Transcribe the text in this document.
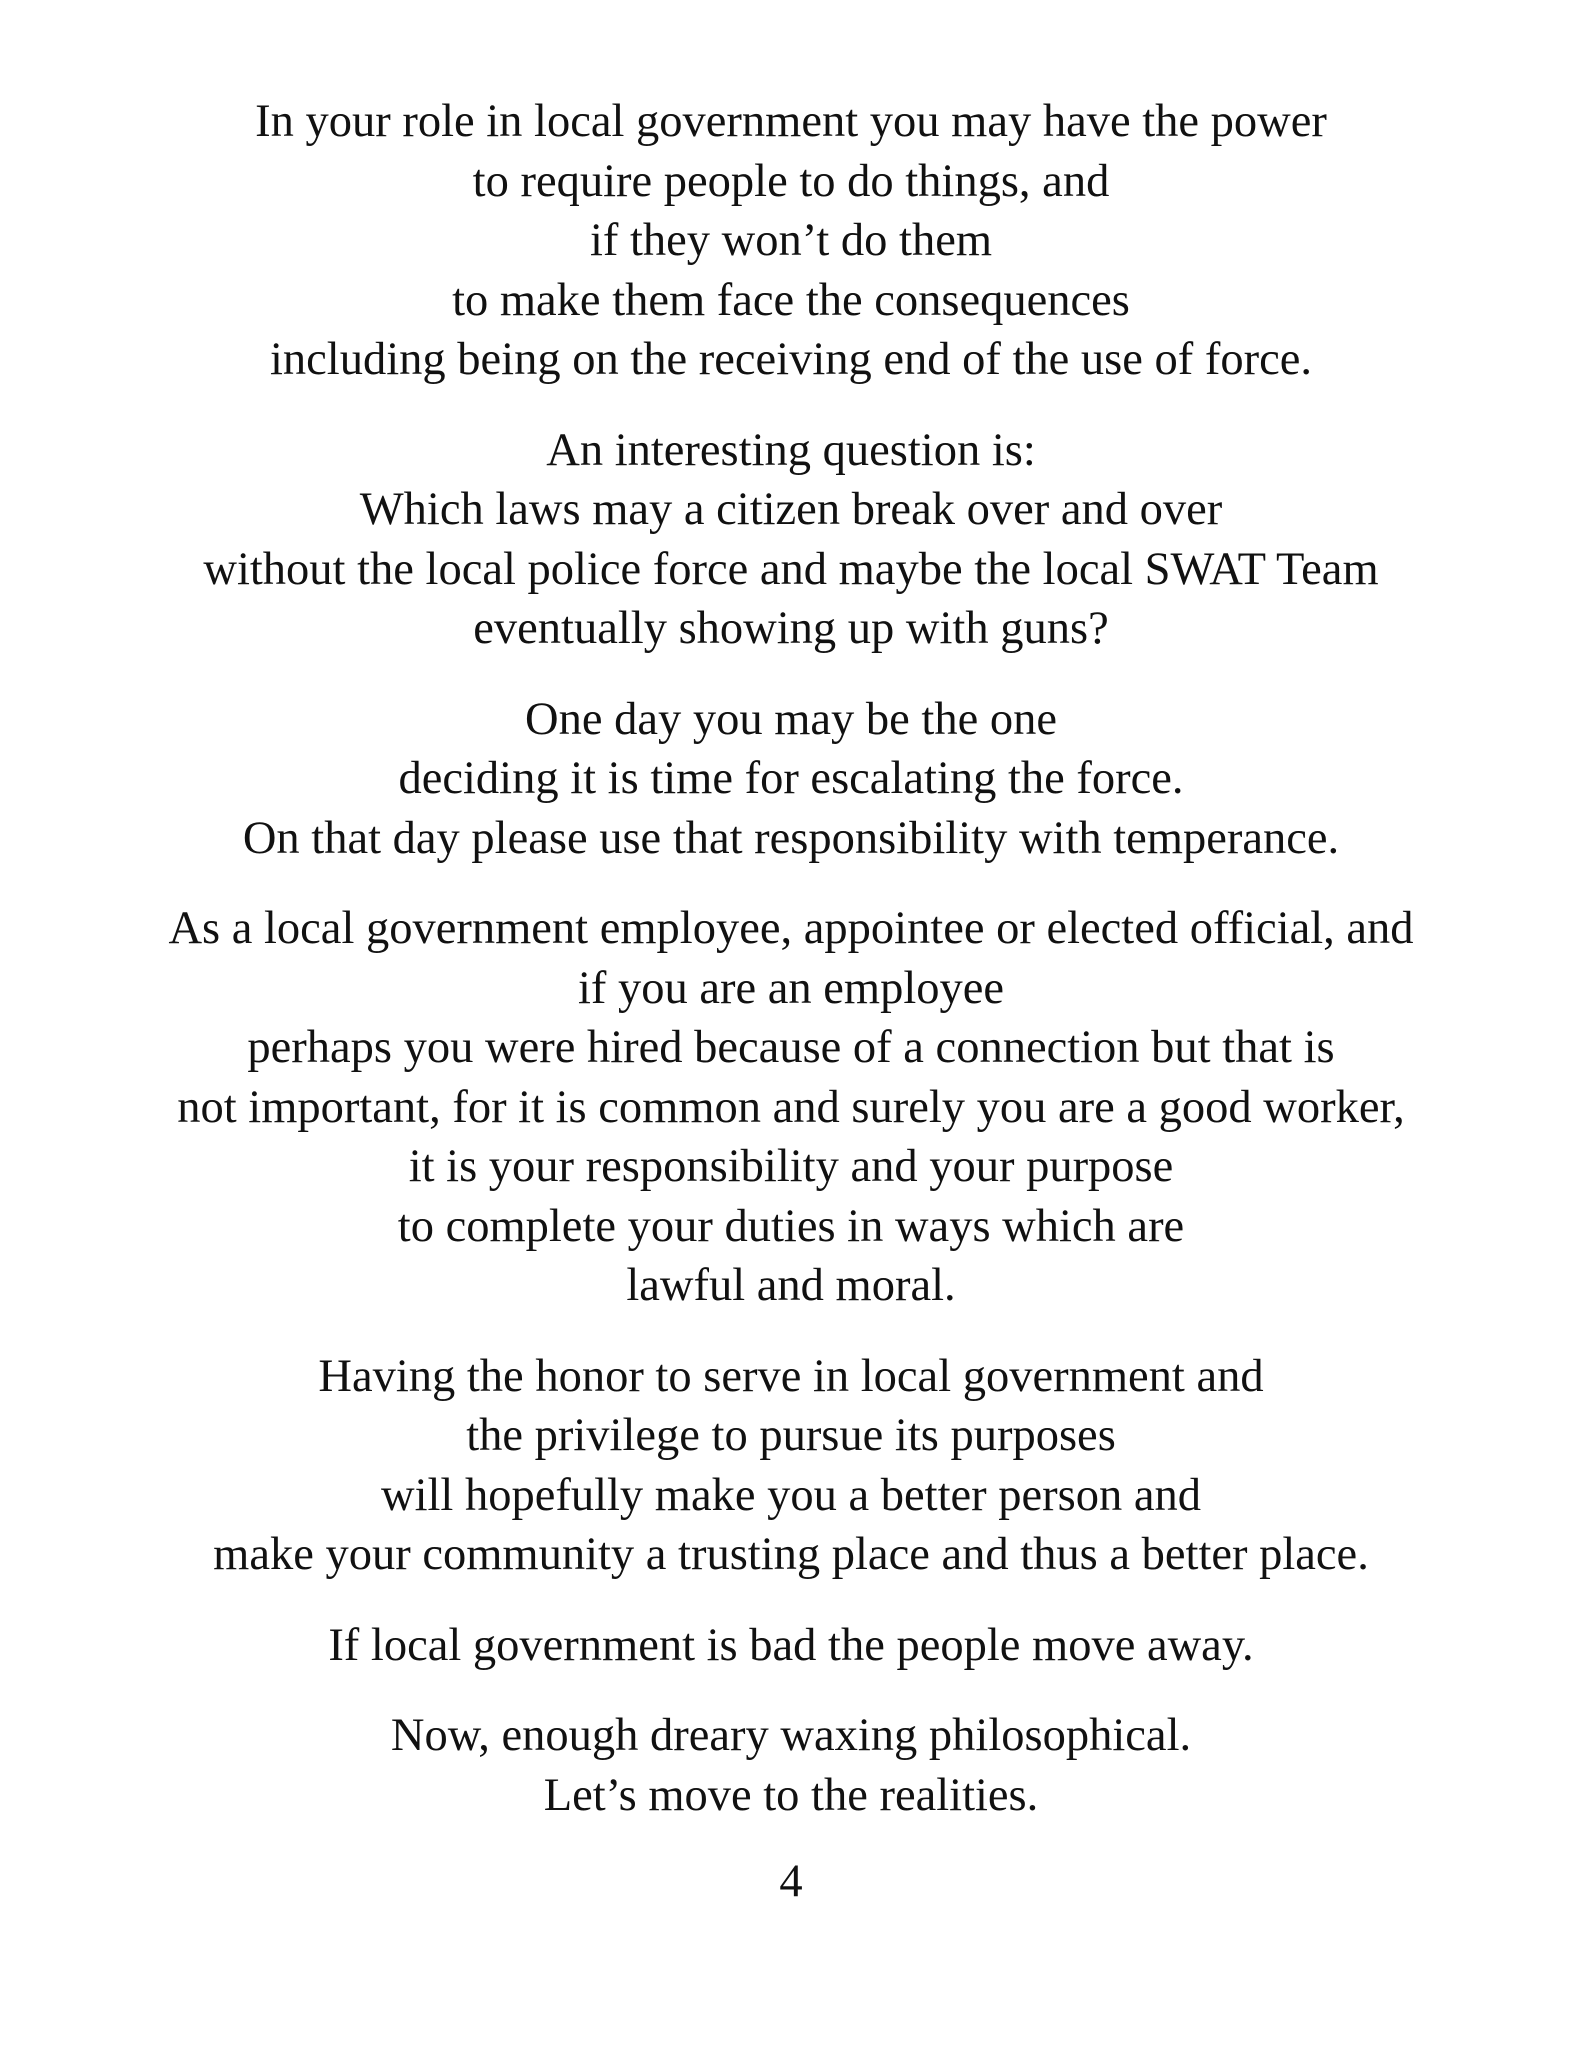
In your role in local government you may have the power
to require people to do things, and
if they won’t do them
to make them face the consequences
including being on the receiving end of the use of force.

An interesting question is:
Which laws may a citizen break over and over
without the local police force and maybe the local SWAT Team
eventually showing up with guns?

One day you may be the one
deciding it is time for escalating the force.
On that day please use that responsibility with temperance.

As a local government employee, appointee or elected official, and
if you are an employee
perhaps you were hired because of a connection but that is
not important, for it is common and surely you are a good worker,
it is your responsibility and your purpose
to complete your duties in ways which are
lawful and moral.

Having the honor to serve in local government and
the privilege to pursue its purposes
will hopefully make you a better person and
make your community a trusting place and thus a better place.

If local government is bad the people move away.

Now, enough dreary waxing philosophical.
Let’s move to the realities.

4
